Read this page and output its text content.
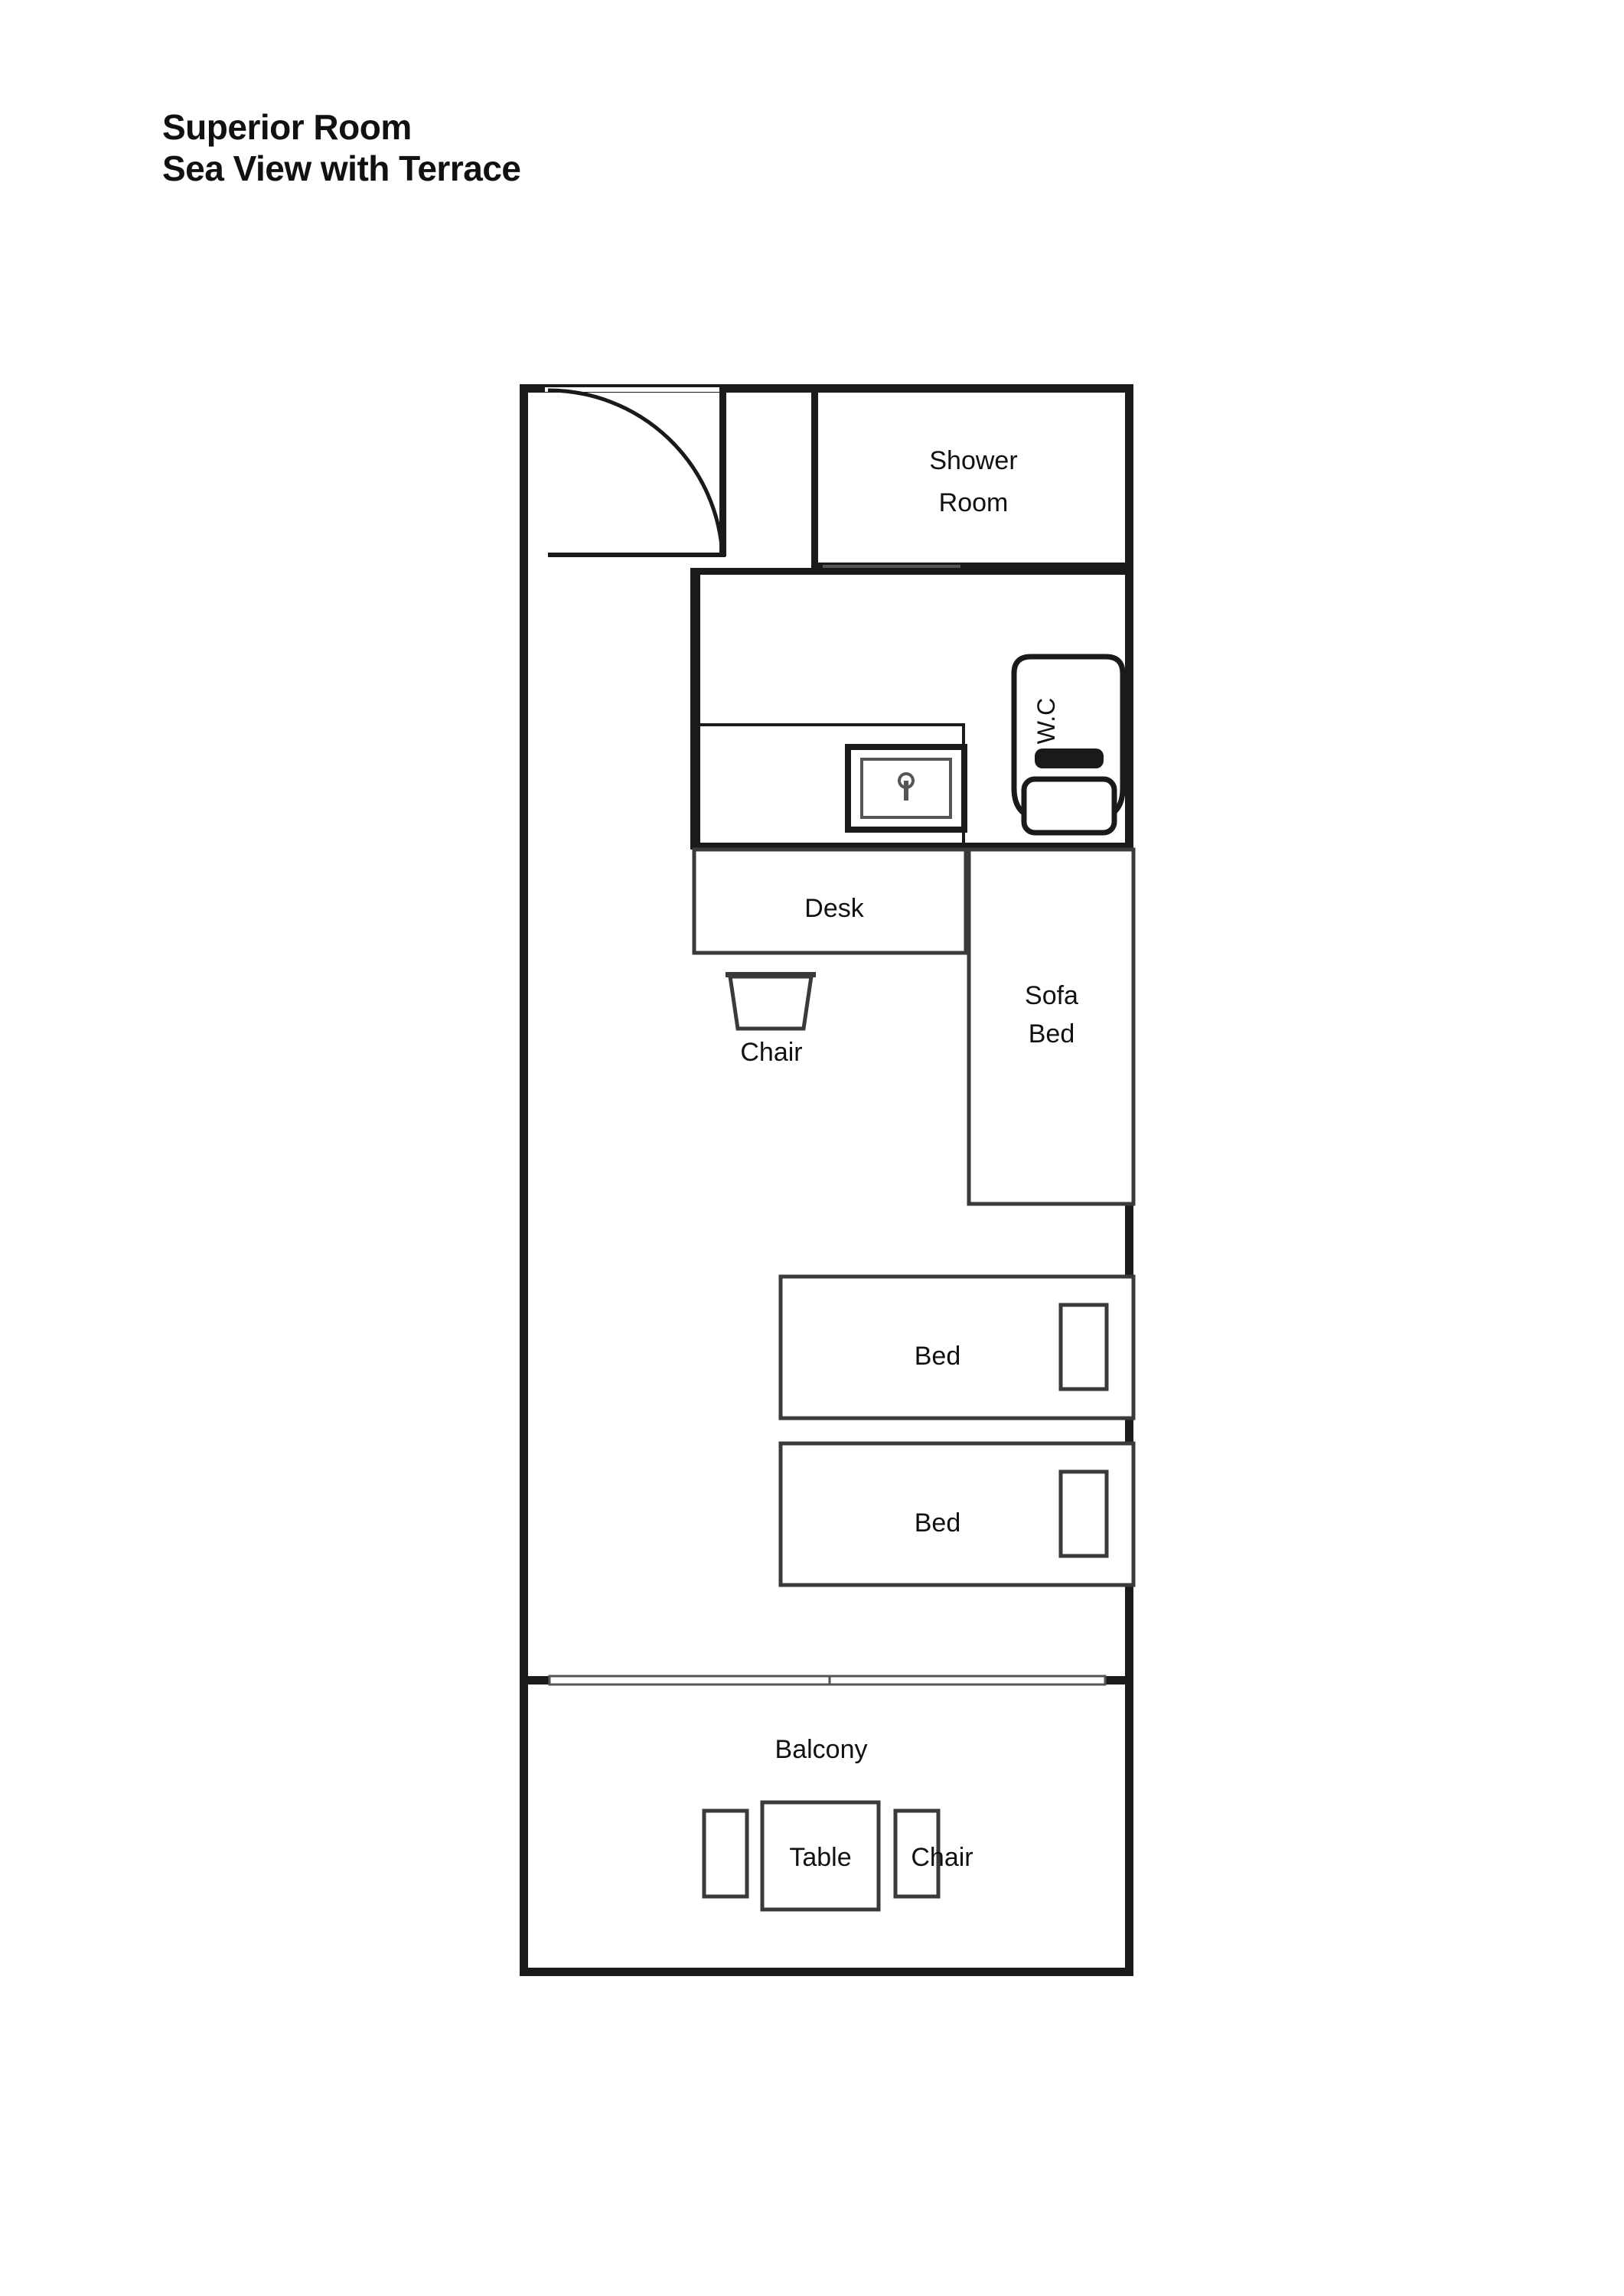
Superior Room
Sea View with Terrace
Shower
Room
W.C
Desk
Chair
Sofa
Bed
Bed
Bed
Balcony
Table Chair
